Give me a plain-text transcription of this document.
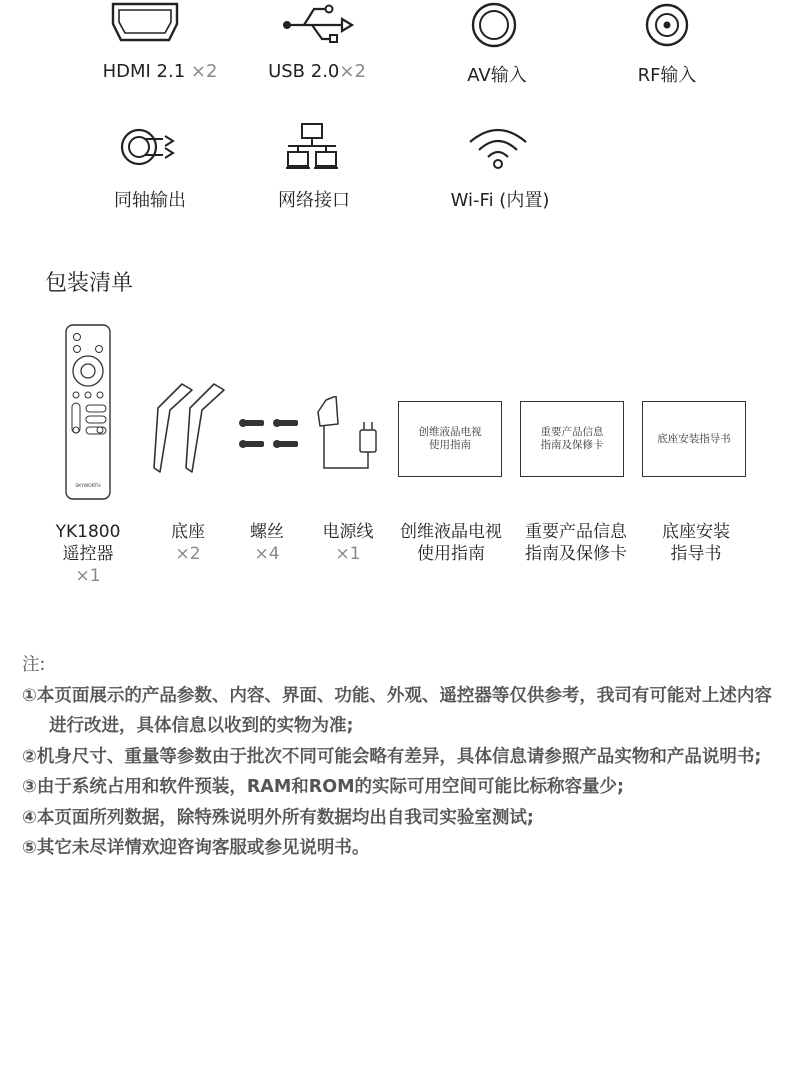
HDMI 2.1 ×2	USB 2.0×2	AV输入	RF输入
同轴输出	网络接口	Wi-Fi (内置)
包装清单
SKYWORTH
创维液晶电视
使用指南
重要产品信息
指南及保修卡
底座安装指导书
YK1800
遥控器
×1
底座
×2
螺丝
×4
电源线
×1
创维液晶电视
使用指南
重要产品信息
指南及保修卡
底座安装
指导书
注:
①本页面展示的产品参数、内容、界面、功能、外观、遥控器等仅供参考，我司有可能对上述内容进行改进，具体信息以收到的实物为准;
②机身尺寸、重量等参数由于批次不同可能会略有差异，具体信息请参照产品实物和产品说明书;
③由于系统占用和软件预装，RAM和ROM的实际可用空间可能比标称容量少;
④本页面所列数据，除特殊说明外所有数据均出自我司实验室测试;
⑤其它未尽详情欢迎咨询客服或参见说明书。
